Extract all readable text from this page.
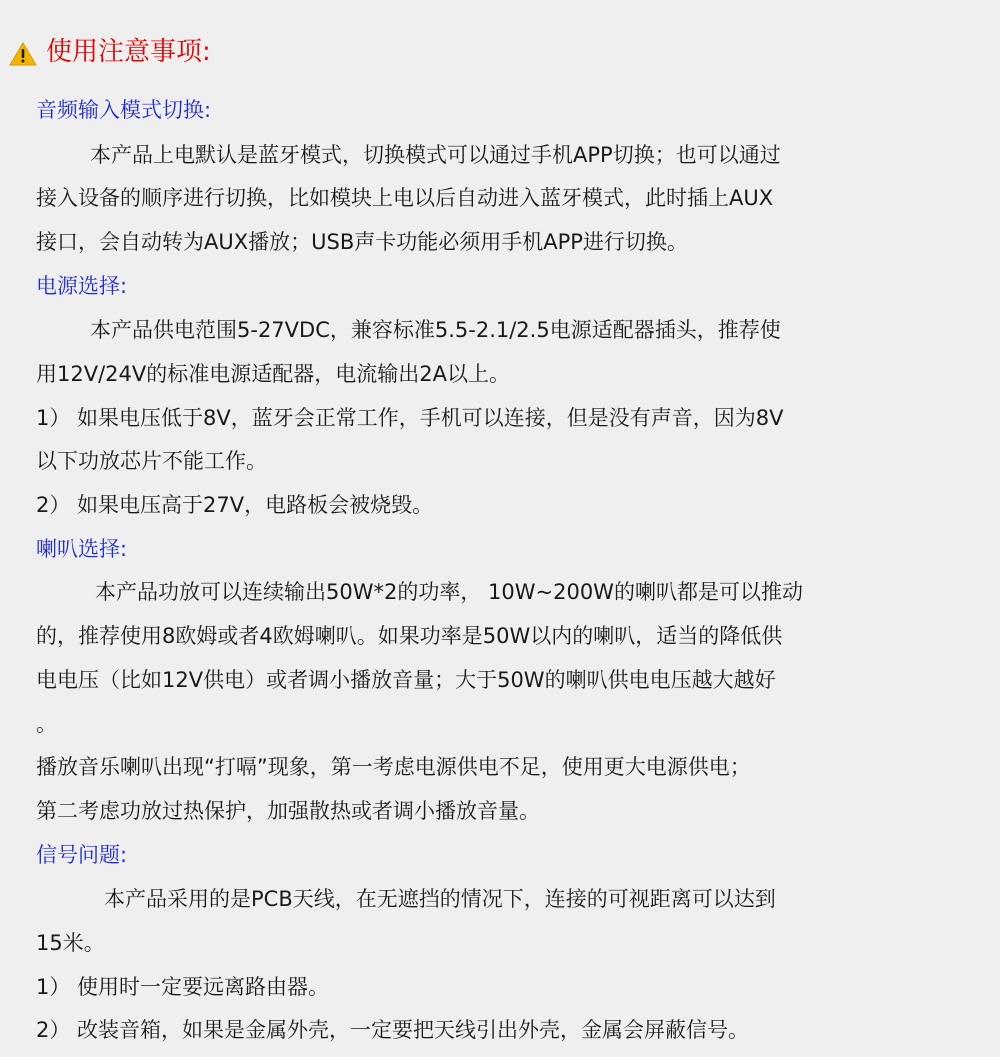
使用注意事项:
音频输入模式切换:
本产品上电默认是蓝牙模式，切换模式可以通过手机APP切换；也可以通过
接入设备的顺序进行切换，比如模块上电以后自动进入蓝牙模式，此时插上AUX
接口，会自动转为AUX播放；USB声卡功能必须用手机APP进行切换。
电源选择:
本产品供电范围5-27VDC，兼容标准5.5-2.1/2.5电源适配器插头，推荐使
用12V/24V的标准电源适配器，电流输出2A以上。
1） 如果电压低于8V，蓝牙会正常工作，手机可以连接，但是没有声音，因为8V
以下功放芯片不能工作。
2） 如果电压高于27V，电路板会被烧毁。
喇叭选择:
本产品功放可以连续输出50W*2的功率， 10W~200W的喇叭都是可以推动
的，推荐使用8欧姆或者4欧姆喇叭。如果功率是50W以内的喇叭，适当的降低供
电电压（比如12V供电）或者调小播放音量；大于50W的喇叭供电电压越大越好
。
播放音乐喇叭出现“打嗝”现象，第一考虑电源供电不足，使用更大电源供电；
第二考虑功放过热保护，加强散热或者调小播放音量。
信号问题:
本产品采用的是PCB天线，在无遮挡的情况下，连接的可视距离可以达到
15米。
1） 使用时一定要远离路由器。
2） 改装音箱，如果是金属外壳，一定要把天线引出外壳，金属会屏蔽信号。
